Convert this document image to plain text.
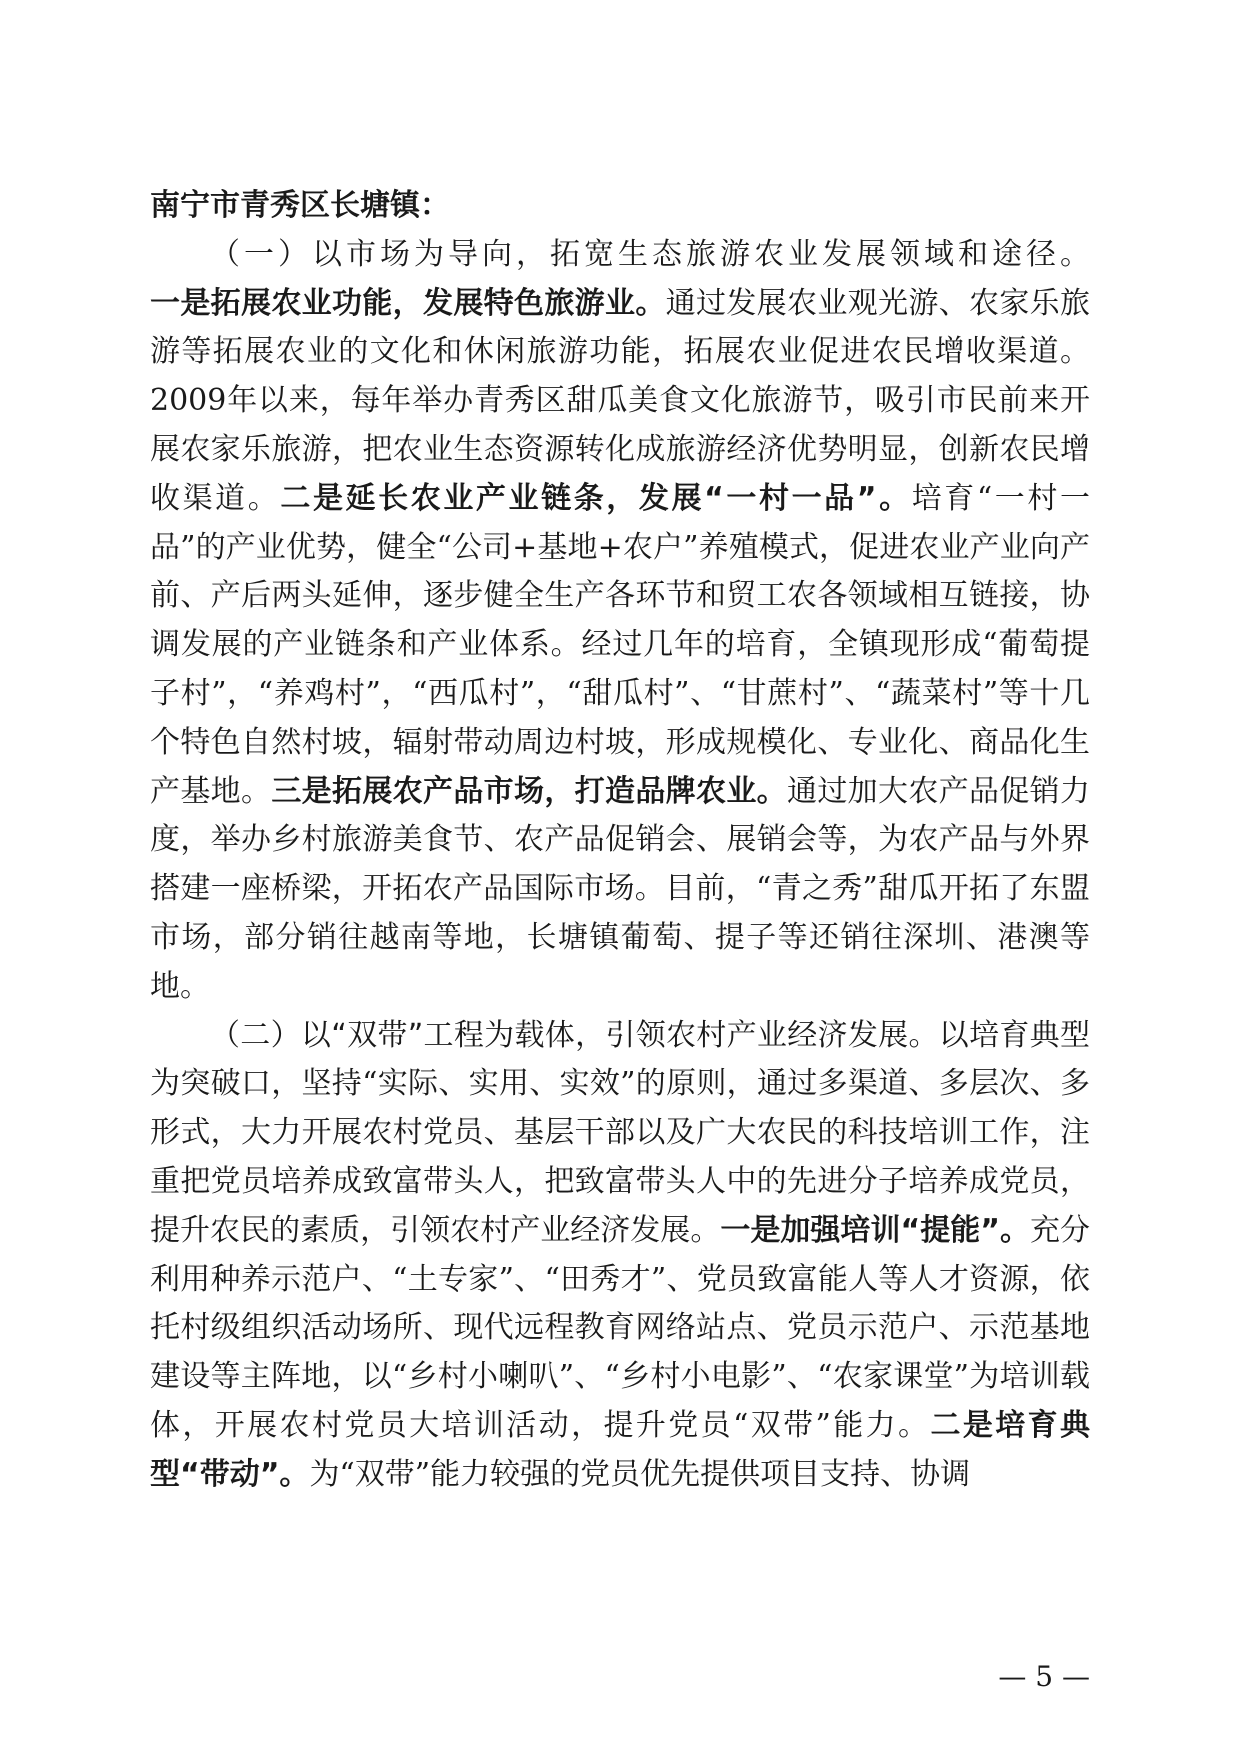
南宁市青秀区长塘镇：

（一）以市场为导向，拓宽生态旅游农业发展领域和途径。

一是拓展农业功能，发展特色旅游业。通过发展农业观光游、农家乐旅游等拓展农业的文化和休闲旅游功能，拓展农业促进农民增收渠道。2009年以来，每年举办青秀区甜瓜美食文化旅游节，吸引市民前来开展农家乐旅游，把农业生态资源转化成旅游经济优势明显，创新农民增收渠道。二是延长农业产业链条，发展“一村一品”。培育“一村一品”的产业优势，健全“公司+基地+农户”养殖模式，促进农业产业向产前、产后两头延伸，逐步健全生产各环节和贸工农各领域相互链接，协调发展的产业链条和产业体系。经过几年的培育，全镇现形成“葡萄提子村”，“养鸡村”，“西瓜村”，“甜瓜村”、“甘蔗村”、“蔬菜村”等十几个特色自然村坡，辐射带动周边村坡，形成规模化、专业化、商品化生产基地。三是拓展农产品市场，打造品牌农业。通过加大农产品促销力度，举办乡村旅游美食节、农产品促销会、展销会等，为农产品与外界搭建一座桥梁，开拓农产品国际市场。目前，“青之秀”甜瓜开拓了东盟市场，部分销往越南等地，长塘镇葡萄、提子等还销往深圳、港澳等地。

（二）以“双带”工程为载体，引领农村产业经济发展。以培育典型为突破口，坚持“实际、实用、实效”的原则，通过多渠道、多层次、多形式，大力开展农村党员、基层干部以及广大农民的科技培训工作，注重把党员培养成致富带头人，把致富带头人中的先进分子培养成党员，提升农民的素质，引领农村产业经济发展。一是加强培训“提能”。充分利用种养示范户、“土专家”、“田秀才”、党员致富能人等人才资源，依托村级组织活动场所、现代远程教育网络站点、党员示范户、示范基地建设等主阵地，以“乡村小喇叭”、“乡村小电影”、“农家课堂”为培训载体，开展农村党员大培训活动，提升党员“双带”能力。二是培育典型“带动”。为“双带”能力较强的党员优先提供项目支持、协调

— 5 —
